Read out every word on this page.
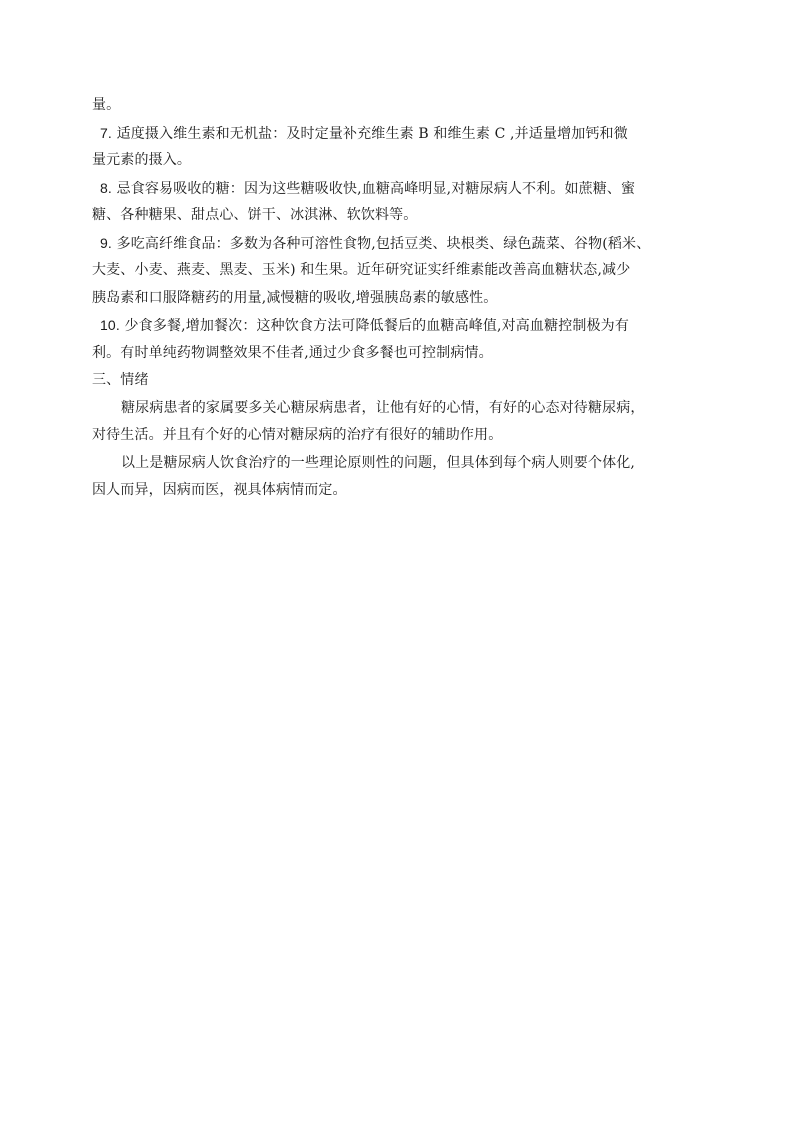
量。
7. 适度摄入维生素和无机盐：及时定量补充维生素 B 和维生素 C ,并适量增加钙和微
量元素的摄入。
8. 忌食容易吸收的糖：因为这些糖吸收快,血糖高峰明显,对糖尿病人不利。如蔗糖、蜜
糖、各种糖果、甜点心、饼干、冰淇淋、软饮料等。
9. 多吃高纤维食品：多数为各种可溶性食物,包括豆类、块根类、绿色蔬菜、谷物(稻米、
大麦、小麦、燕麦、黑麦、玉米) 和生果。近年研究证实纤维素能改善高血糖状态,减少
胰岛素和口服降糖药的用量,减慢糖的吸收,增强胰岛素的敏感性。
10. 少食多餐,增加餐次：这种饮食方法可降低餐后的血糖高峰值,对高血糖控制极为有
利。有时单纯药物调整效果不佳者,通过少食多餐也可控制病情。
三、情绪
糖尿病患者的家属要多关心糖尿病患者，让他有好的心情，有好的心态对待糖尿病，
对待生活。并且有个好的心情对糖尿病的治疗有很好的辅助作用。
以上是糖尿病人饮食治疗的一些理论原则性的问题，但具体到每个病人则要个体化,
因人而异，因病而医，视具体病情而定。
